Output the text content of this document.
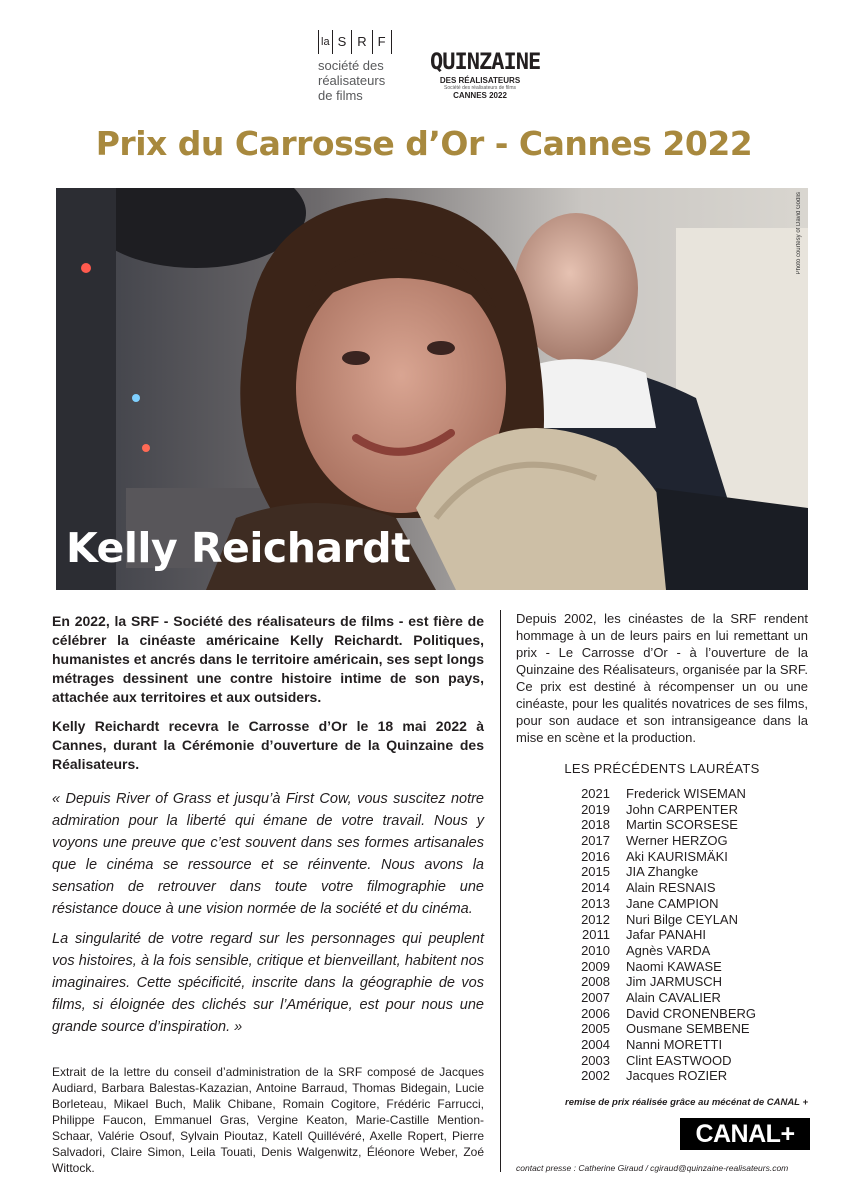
la S R F
société des
réalisateurs
de films
QUINZAINE
DES RÉALISATEURS
Société des réalisateurs de films
CANNES 2022
Prix du Carrosse d’Or - Cannes 2022
Photo courtesy of David Godlis
Kelly Reichardt

En 2022, la SRF - Société des réalisateurs de films - est fière de célébrer la cinéaste américaine Kelly Reichardt. Politiques, humanistes et ancrés dans le territoire américain, ses sept longs métrages dessinent une contre histoire intime de son pays, attachée aux territoires et aux outsiders.

Kelly Reichardt recevra le Carrosse d’Or le 18 mai 2022 à Cannes, durant la Cérémonie d’ouverture de la Quinzaine des Réalisateurs.

« Depuis River of Grass et jusqu’à First Cow, vous suscitez notre admiration pour la liberté qui émane de votre travail. Nous y voyons une preuve que c’est souvent dans ses formes artisanales que le cinéma se ressource et se réinvente. Nous avons la sensation de retrouver dans toute votre filmographie une résistance douce à une vision normée de la société et du cinéma.

La singularité de votre regard sur les personnages qui peuplent vos histoires, à la fois sensible, critique et bienveillant, habitent nos imaginaires. Cette spécificité, inscrite dans la géographie de vos films, si éloignée des clichés sur l’Amérique, est pour nous une grande source d’inspiration. »

Extrait de la lettre du conseil d’administration de la SRF composé de Jacques Audiard, Barbara Balestas-Kazazian, Antoine Barraud, Thomas Bidegain, Lucie Borleteau, Mikael Buch, Malik Chibane, Romain Cogitore, Frédéric Farrucci, Philippe Faucon, Emmanuel Gras, Vergine Keaton, Marie-Castille Mention-Schaar, Valérie Osouf, Sylvain Pioutaz, Katell Quillévéré, Axelle Ropert, Pierre Salvadori, Claire Simon, Leila Touati, Denis Walgenwitz, Éléonore Weber, Zoé Wittock.

Depuis 2002, les cinéastes de la SRF rendent hommage à un de leurs pairs en lui remettant un prix - Le Carrosse d’Or - à l’ouverture de la Quinzaine des Réalisateurs, organisée par la SRF. Ce prix est destiné à récompenser un ou une cinéaste, pour les qualités novatrices de ses films, pour son audace et son intransigeance dans la mise en scène et la production.

LES PRÉCÉDENTS LAURÉATS
2021	Frederick WISEMAN
2019	John CARPENTER
2018	Martin SCORSESE
2017	Werner HERZOG
2016	Aki KAURISMÄKI
2015	JIA Zhangke
2014	Alain RESNAIS
2013	Jane CAMPION
2012	Nuri Bilge CEYLAN
2011	Jafar PANAHI
2010	Agnès VARDA
2009	Naomi KAWASE
2008	Jim JARMUSCH
2007	Alain CAVALIER
2006	David CRONENBERG
2005	Ousmane SEMBENE
2004	Nanni MORETTI
2003	Clint EASTWOOD
2002	Jacques ROZIER
remise de prix réalisée grâce au mécénat de CANAL +
CANAL+
contact presse : Catherine Giraud / cgiraud@quinzaine-realisateurs.com
